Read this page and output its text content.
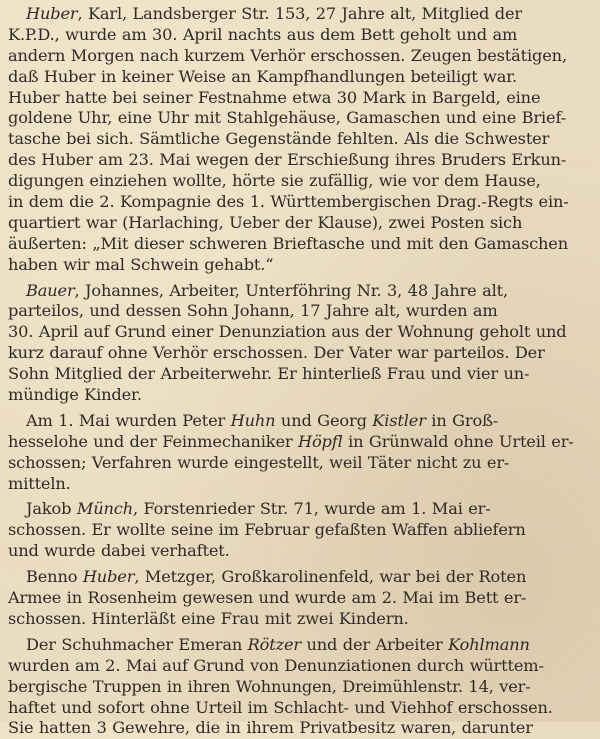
Huber, Karl, Landsberger Str. 153, 27 Jahre alt, Mitglied der
K.P.D., wurde am 30. April nachts aus dem Bett geholt und am
andern Morgen nach kurzem Verhör erschossen. Zeugen bestätigen,
daß Huber in keiner Weise an Kampfhandlungen beteiligt war.
Huber hatte bei seiner Festnahme etwa 30 Mark in Bargeld, eine
goldene Uhr, eine Uhr mit Stahlgehäuse, Gamaschen und eine Brief-
tasche bei sich. Sämtliche Gegenstände fehlten. Als die Schwester
des Huber am 23. Mai wegen der Erschießung ihres Bruders Erkun-
digungen einziehen wollte, hörte sie zufällig, wie vor dem Hause,
in dem die 2. Kompagnie des 1. Württembergischen Drag.-Regts ein-
quartiert war (Harlaching, Ueber der Klause), zwei Posten sich
äußerten: „Mit dieser schweren Brieftasche und mit den Gamaschen
haben wir mal Schwein gehabt.“
Bauer, Johannes, Arbeiter, Unterföhring Nr. 3, 48 Jahre alt,
parteilos, und dessen Sohn Johann, 17 Jahre alt, wurden am
30. April auf Grund einer Denunziation aus der Wohnung geholt und
kurz darauf ohne Verhör erschossen. Der Vater war parteilos. Der
Sohn Mitglied der Arbeiterwehr. Er hinterließ Frau und vier un-
mündige Kinder.
Am 1. Mai wurden Peter Huhn und Georg Kistler in Groß-
hesselohe und der Feinmechaniker Höpfl in Grünwald ohne Urteil er-
schossen; Verfahren wurde eingestellt, weil Täter nicht zu er-
mitteln.
Jakob Münch, Forstenrieder Str. 71, wurde am 1. Mai er-
schossen. Er wollte seine im Februar gefaßten Waffen abliefern
und wurde dabei verhaftet.
Benno Huber, Metzger, Großkarolinenfeld, war bei der Roten
Armee in Rosenheim gewesen und wurde am 2. Mai im Bett er-
schossen. Hinterläßt eine Frau mit zwei Kindern.
Der Schuhmacher Emeran Rötzer und der Arbeiter Kohlmann
wurden am 2. Mai auf Grund von Denunziationen durch württem-
bergische Truppen in ihren Wohnungen, Dreimühlenstr. 14, ver-
haftet und sofort ohne Urteil im Schlacht- und Viehhof erschossen.
Sie hatten 3 Gewehre, die in ihrem Privatbesitz waren, darunter
